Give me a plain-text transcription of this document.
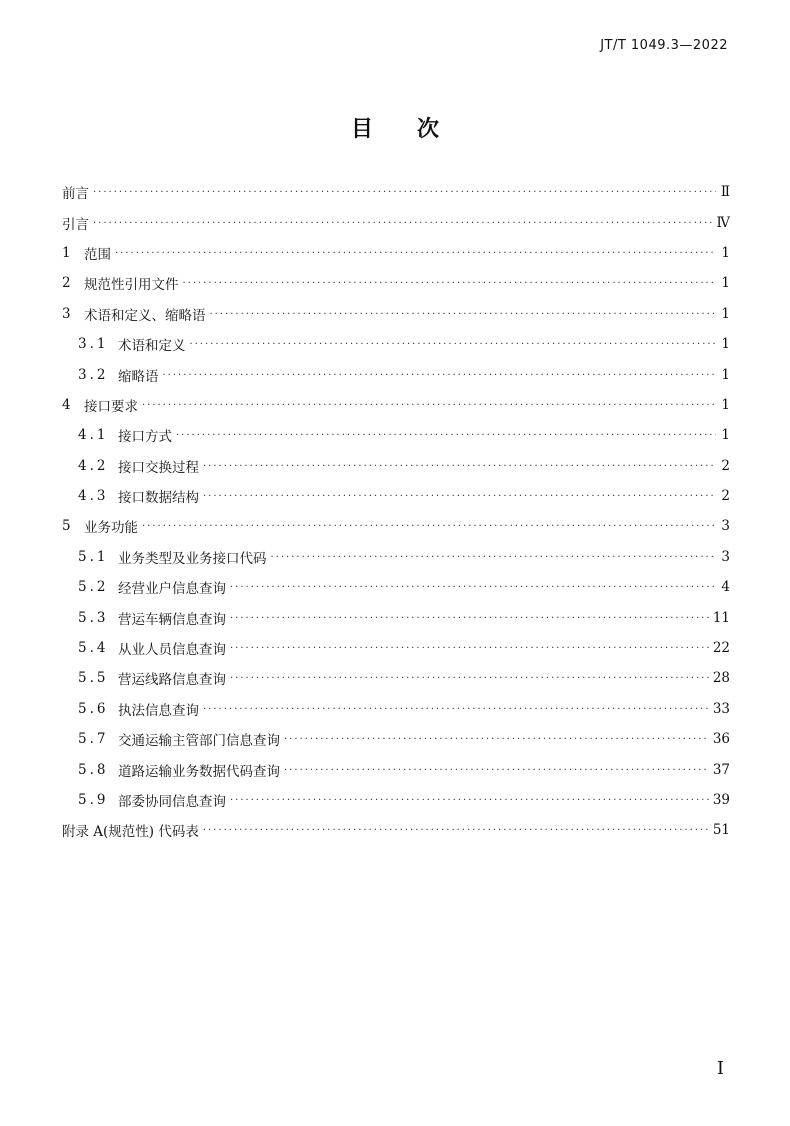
JT/T 1049.3—2022
目 次
前言 ·····	Ⅱ
引言 ·····	Ⅳ
1 范围 ·····	1
2 规范性引用文件 ·····	1
3 术语和定义、缩略语 ·····	1
3.1 术语和定义 ·····	1
3.2 缩略语 ·····	1
4 接口要求 ·····	1
4.1 接口方式 ·····	1
4.2 接口交换过程 ·····	2
4.3 接口数据结构 ·····	2
5 业务功能 ·····	3
5.1 业务类型及业务接口代码 ·····	3
5.2 经营业户信息查询 ·····	4
5.3 营运车辆信息查询 ·····	11
5.4 从业人员信息查询 ·····	22
5.5 营运线路信息查询 ·····	28
5.6 执法信息查询 ·····	33
5.7 交通运输主管部门信息查询 ·····	36
5.8 道路运输业务数据代码查询 ·····	37
5.9 部委协同信息查询 ·····	39
附录 A(规范性) 代码表 ·····	51
I
